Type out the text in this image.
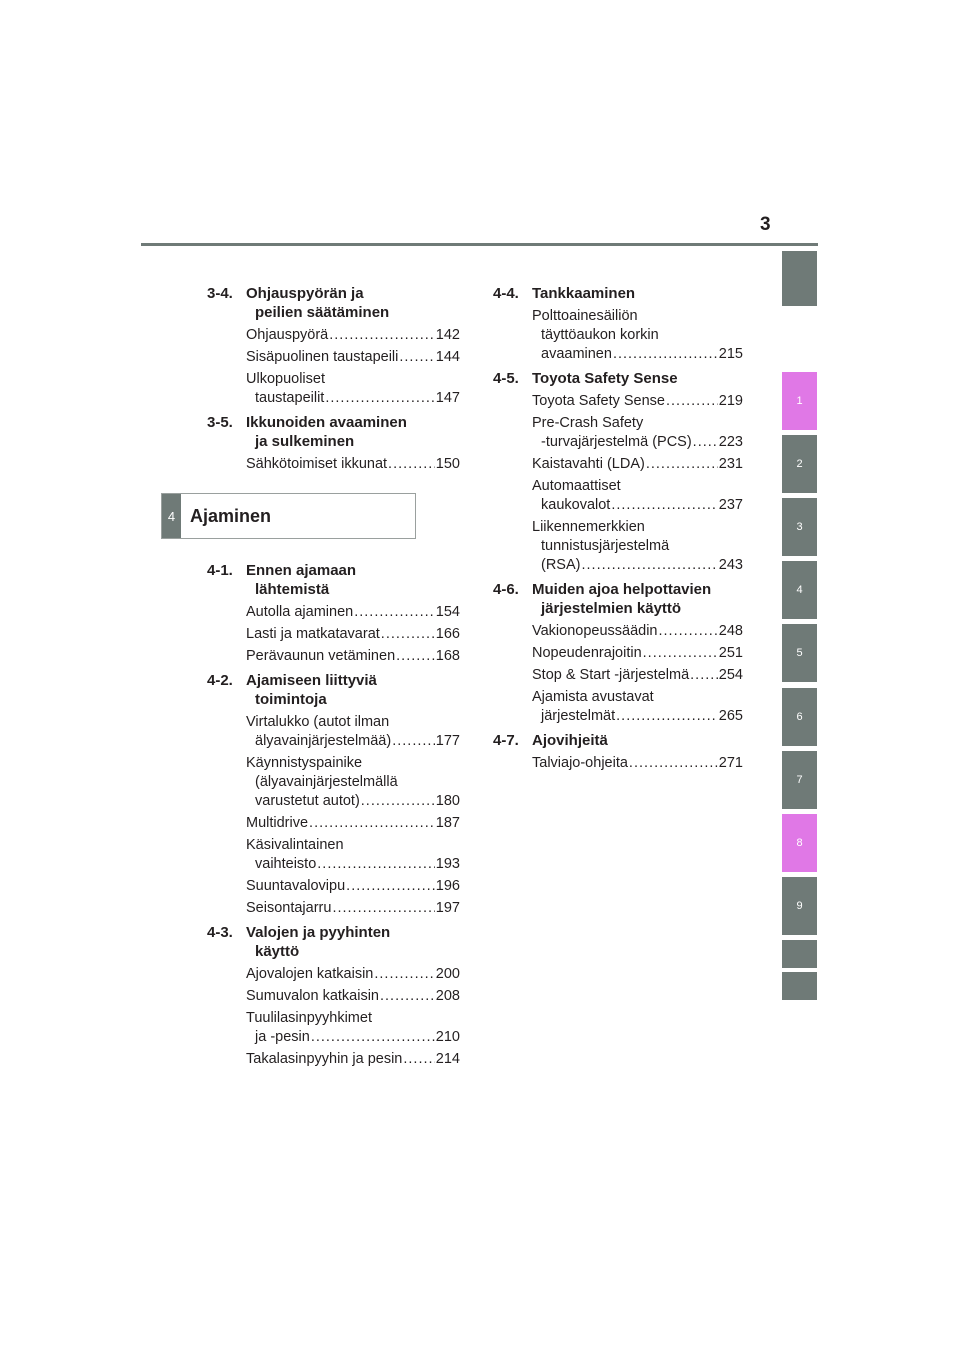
3
3-4. Ohjauspyörän ja
peilien säätäminen
Ohjauspyörä .....	142
Sisäpuolinen taustapeili .....	144
Ulkopuoliset
taustapeilit .....	147
3-5. Ikkunoiden avaaminen
ja sulkeminen
Sähkötoimiset ikkunat .....	150
4 Ajaminen
4-1. Ennen ajamaan
lähtemistä
Autolla ajaminen .....	154
Lasti ja matkatavarat .....	166
Perävaunun vetäminen .....	168
4-2. Ajamiseen liittyviä
toimintoja
Virtalukko (autot ilman
älyavainjärjestelmää) .....	177
Käynnistyspainike
(älyavainjärjestelmällä
varustetut autot) .....	180
Multidrive .....	187
Käsivalintainen
vaihteisto .....	193
Suuntavalovipu .....	196
Seisontajarru .....	197
4-3. Valojen ja pyyhinten
käyttö
Ajovalojen katkaisin .....	200
Sumuvalon katkaisin .....	208
Tuulilasinpyyhkimet
ja -pesin .....	210
Takalasinpyyhin ja pesin ..... 214
4-4. Tankkaaminen
Polttoainesäiliön
täyttöaukon korkin
avaaminen .....	215
4-5. Toyota Safety Sense
Toyota Safety Sense .....	219
Pre-Crash Safety
-turvajärjestelmä (PCS) ..... 223
Kaistavahti (LDA) .....	231
Automaattiset
kaukovalot .....	237
Liikennemerkkien
tunnistusjärjestelmä
(RSA) .....	243
4-6. Muiden ajoa helpottavien
järjestelmien käyttö
Vakionopeussäädin .....	248
Nopeudenrajoitin .....	251
Stop & Start -järjestelmä ..... 254
Ajamista avustavat
järjestelmät .....	265
4-7. Ajovihjeitä
Talviajo-ohjeita .....	271
1
2
3
4
5
6
7
8
9
